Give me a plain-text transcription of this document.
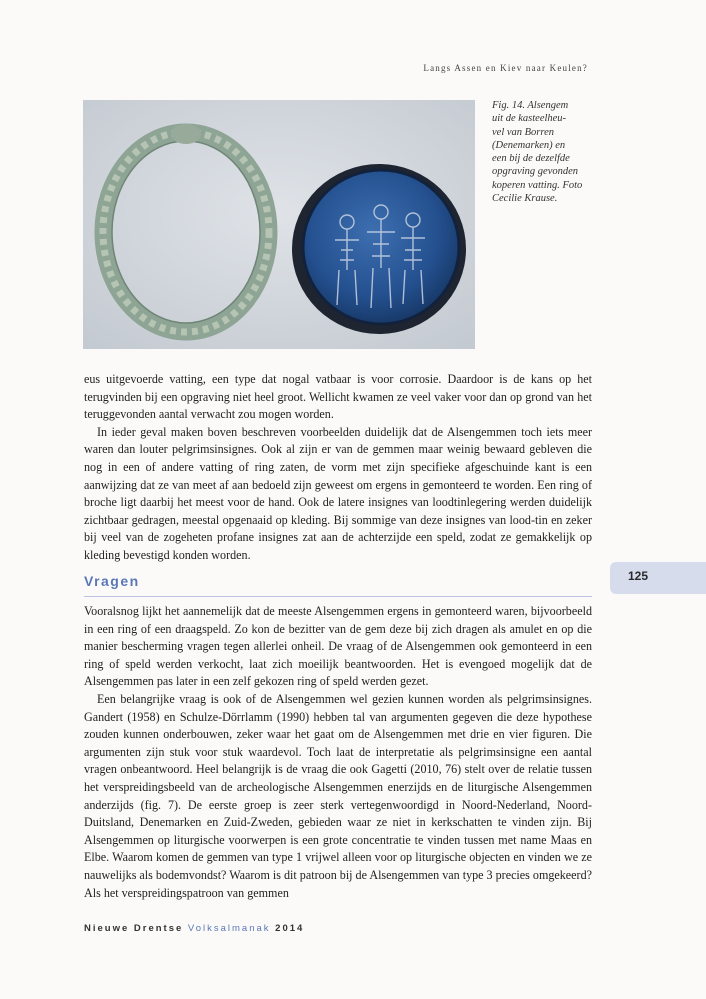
Langs Assen en Kiev naar Keulen?
Fig. 14. Alsengem
uit de kasteelheu-
vel van Borren
(Denemarken) en
een bij de dezelfde
opgraving gevonden
koperen vatting. Foto
Cecilie Krause.

eus uitgevoerde vatting, een type dat nogal vatbaar is voor corrosie. Daardoor is de kans op het terugvinden bij een opgraving niet heel groot. Wellicht kwamen ze veel vaker voor dan op grond van het teruggevonden aantal verwacht zou mogen worden.

In ieder geval maken boven beschreven voorbeelden duidelijk dat de Alsengemmen toch iets meer waren dan louter pelgrimsinsignes. Ook al zijn er van de gemmen maar weinig bewaard gebleven die nog in een of andere vatting of ring zaten, de vorm met zijn specifieke afgeschuinde kant is een aanwijzing dat ze van meet af aan bedoeld zijn geweest om ergens in gemonteerd te worden. Een ring of broche ligt daarbij het meest voor de hand. Ook de latere insignes van loodtinlegering werden duidelijk zichtbaar gedragen, meestal opgenaaid op kleding. Bij sommige van deze insignes van lood-tin en zeker bij veel van de zogeheten profane insignes zat aan de achterzijde een speld, zodat ze gemakkelijk op kleding bevestigd konden worden.

125
Vragen

Vooralsnog lijkt het aannemelijk dat de meeste Alsengemmen ergens in gemonteerd waren, bijvoorbeeld in een ring of een draagspeld. Zo kon de bezitter van de gem deze bij zich dragen als amulet en op die manier bescherming vragen tegen allerlei onheil. De vraag of de Alsengemmen ook gemonteerd in een ring of speld werden verkocht, laat zich moeilijk beantwoorden. Het is evengoed mogelijk dat de Alsengemmen pas later in een zelf gekozen ring of speld werden gezet.

Een belangrijke vraag is ook of de Alsengemmen wel gezien kunnen worden als pelgrimsinsignes. Gandert (1958) en Schulze-Dörrlamm (1990) hebben tal van argumenten gegeven die deze hypothese zouden kunnen onderbouwen, zeker waar het gaat om de Alsengemmen met drie en vier figuren. Die argumenten zijn stuk voor stuk waardevol. Toch laat de interpretatie als pelgrimsinsigne een aantal vragen onbeantwoord. Heel belangrijk is de vraag die ook Gagetti (2010, 76) stelt over de relatie tussen het verspreidingsbeeld van de archeologische Alsengemmen enerzijds en de liturgische Alsengemmen anderzijds (fig. 7). De eerste groep is zeer sterk vertegenwoordigd in Noord-Nederland, Noord-Duitsland, Denemarken en Zuid-Zweden, gebieden waar ze niet in kerkschatten te vinden zijn. Bij Alsengemmen op liturgische voorwerpen is een grote concentratie te vinden tussen met name Maas en Elbe. Waarom komen de gemmen van type 1 vrijwel alleen voor op liturgische objecten en vinden we ze nauwelijks als bodemvondst? Waarom is dit patroon bij de Alsengemmen van type 3 precies omgekeerd? Als het verspreidingspatroon van gemmen

Nieuwe Drentse Volksalmanak 2014
